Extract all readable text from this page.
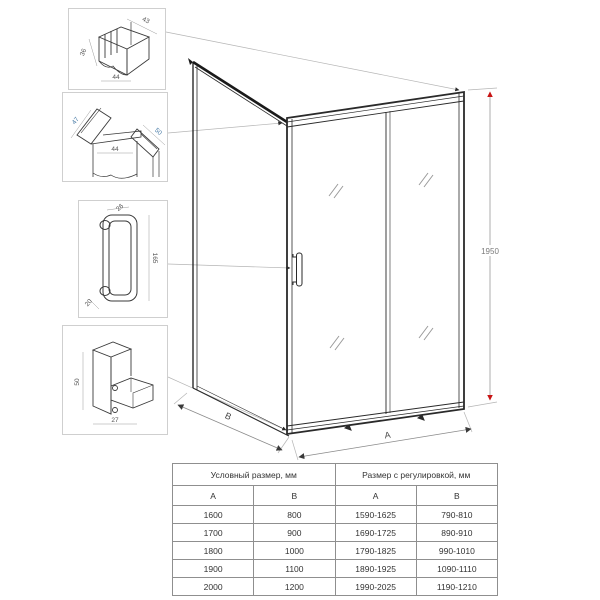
1950
B
A
36
43
44
47
44
50
26
165
20
50
27
Условный размер, мм		Размер с регулировкой, мм	
A	B	A	B
1600	800	1590-1625	790-810
1700	900	1690-1725	890-910
1800	1000	1790-1825	990-1010
1900	1100	1890-1925	1090-1110
2000	1200	1990-2025	1190-1210
